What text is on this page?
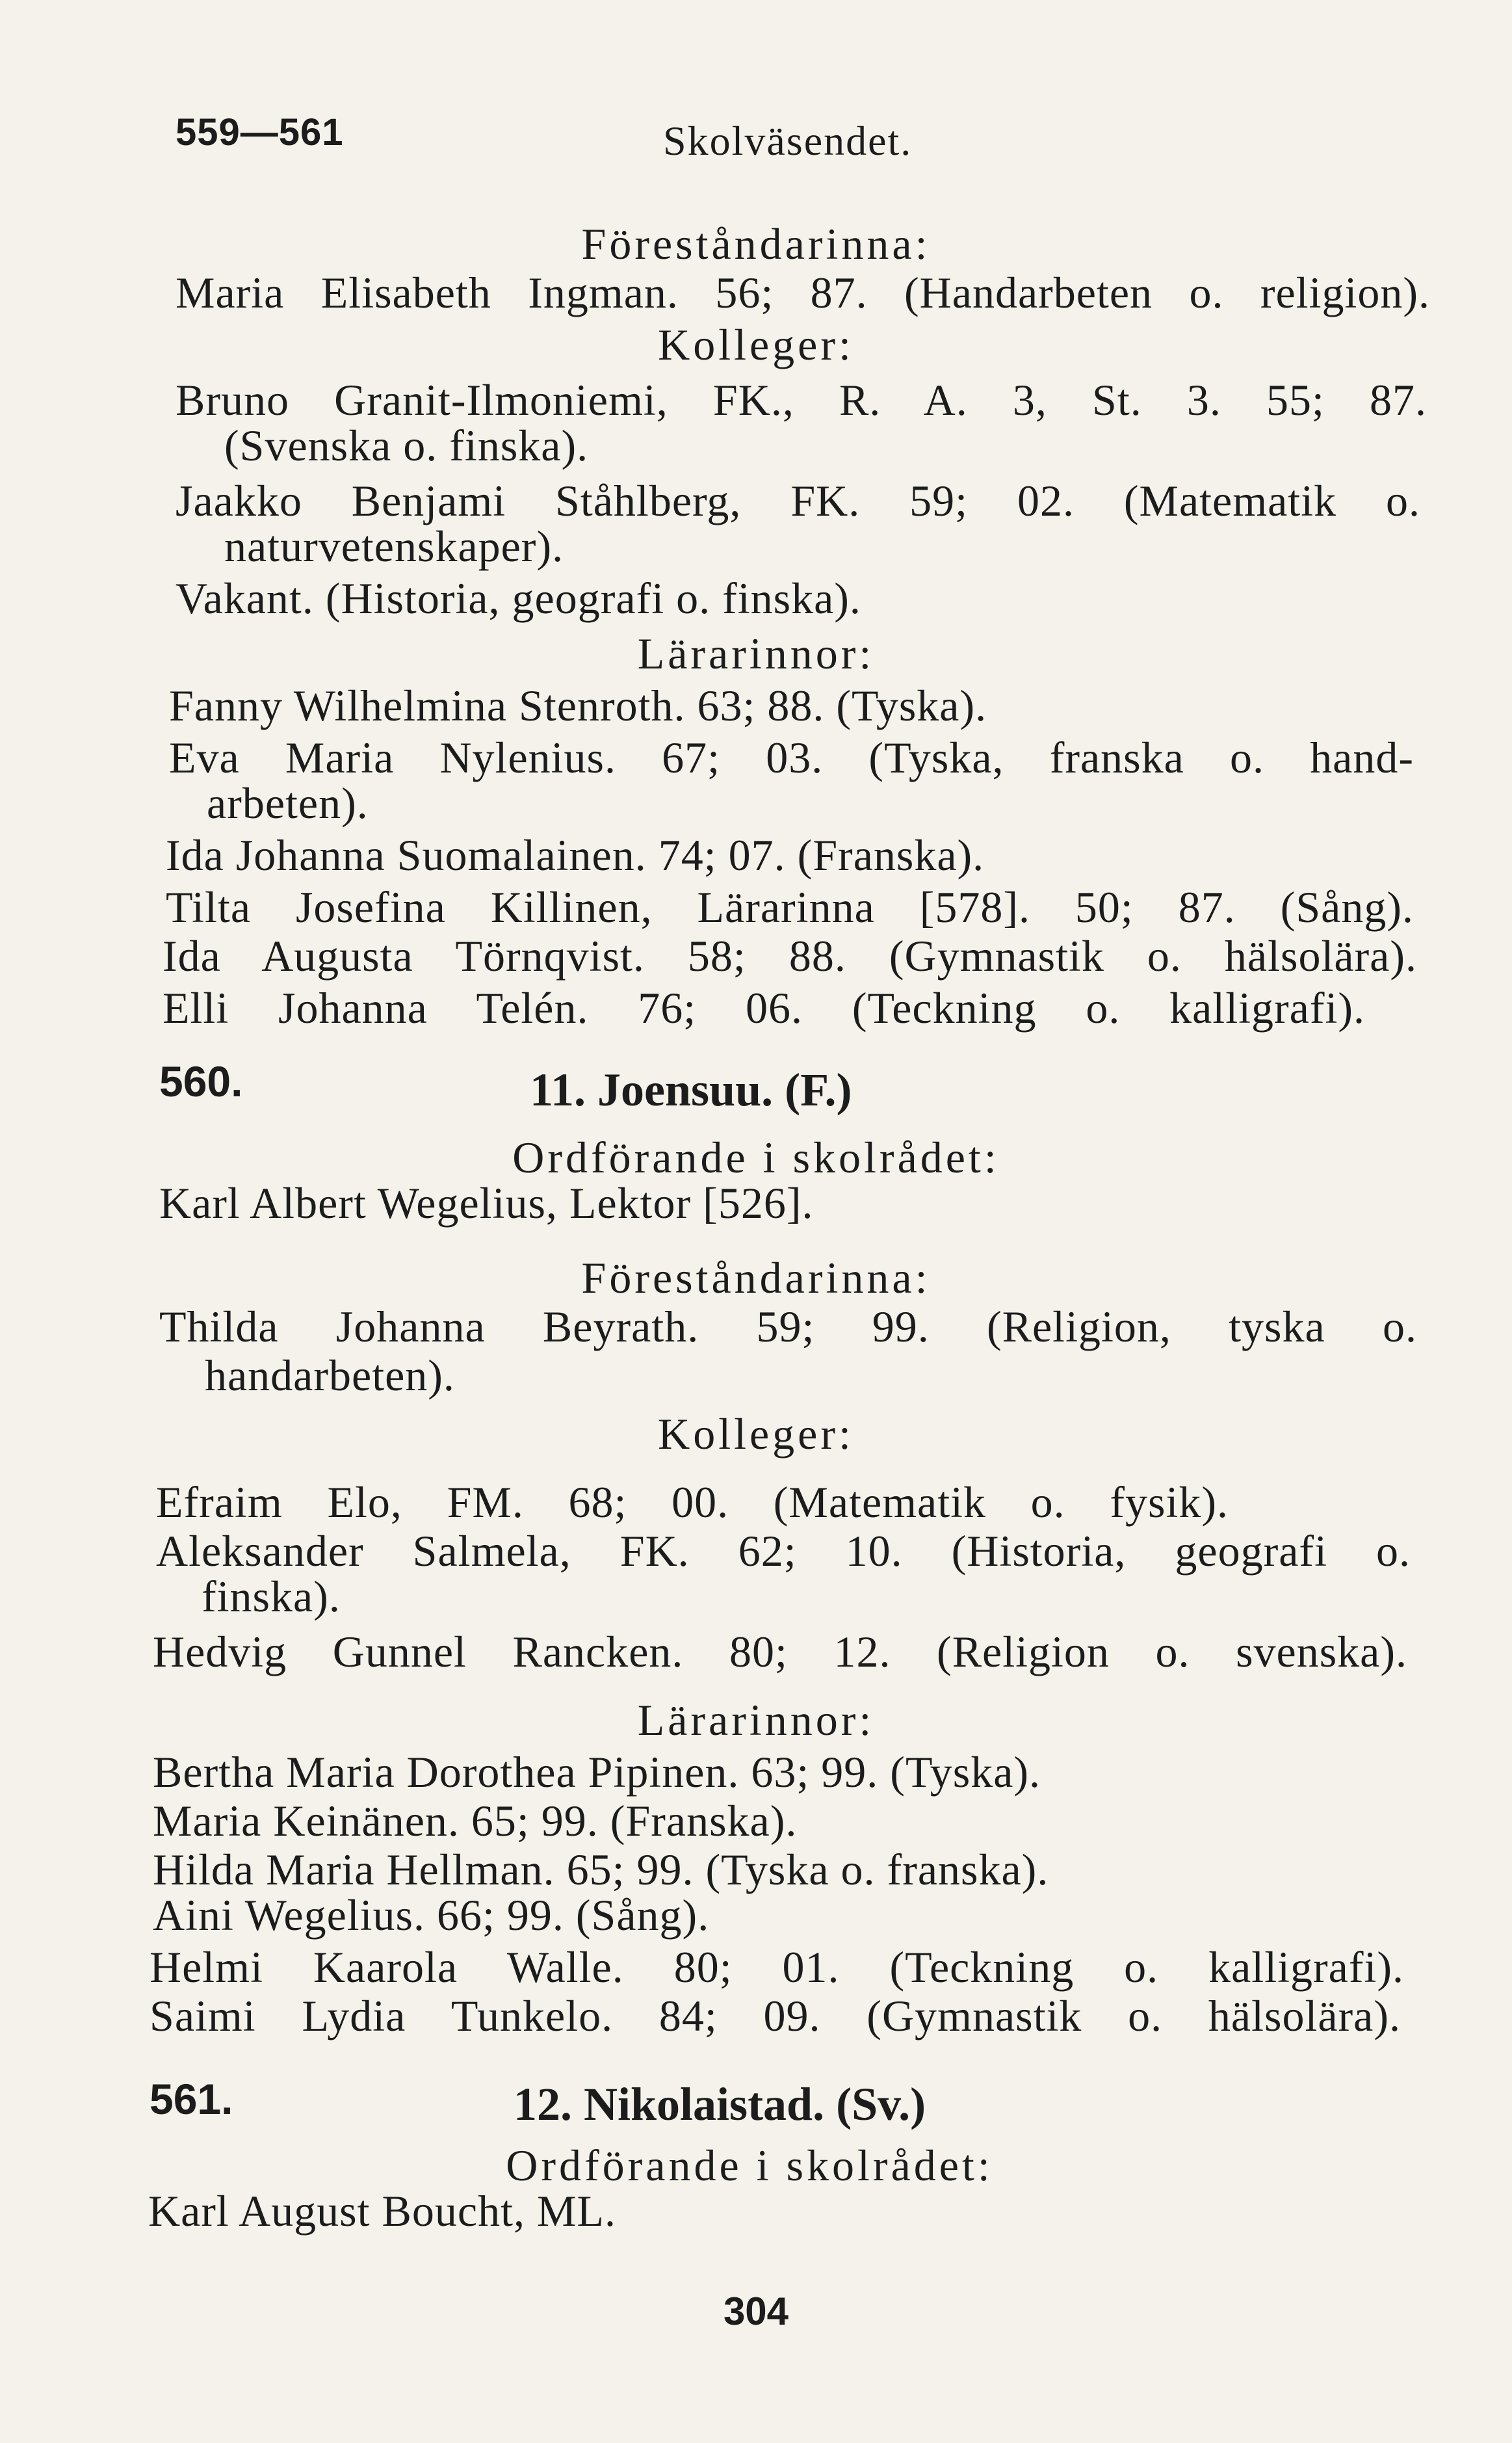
559—561	Skolväsendet.
Föreståndarinna:
Maria Elisabeth Ingman. 56; 87. (Handarbeten o. religion).
Kolleger:
Bruno Granit-Ilmoniemi, FK., R. A. 3, St. 3. 55; 87.
(Svenska o. finska).
Jaakko Benjami Ståhlberg, FK. 59; 02. (Matematik o.
naturvetenskaper).
Vakant. (Historia, geografi o. finska).
Lärarinnor:
Fanny Wilhelmina Stenroth. 63; 88. (Tyska).
Eva Maria Nylenius. 67; 03. (Tyska, franska o. hand-
arbeten).
Ida Johanna Suomalainen. 74; 07. (Franska).
Tilta Josefina Killinen, Lärarinna [578]. 50; 87. (Sång).
Ida Augusta Törnqvist. 58; 88. (Gymnastik o. hälsolära).
Elli Johanna Telén. 76; 06. (Teckning o. kalligrafi).
560.	11. Joensuu. (F.)
Ordförande i skolrådet:
Karl Albert Wegelius, Lektor [526].
Föreståndarinna:
Thilda Johanna Beyrath. 59; 99. (Religion, tyska o.
handarbeten).
Kolleger:
Efraim Elo, FM. 68; 00. (Matematik o. fysik).
Aleksander Salmela, FK. 62; 10. (Historia, geografi o.
finska).
Hedvig Gunnel Rancken. 80; 12. (Religion o. svenska).
Lärarinnor:
Bertha Maria Dorothea Pipinen. 63; 99. (Tyska).
Maria Keinänen. 65; 99. (Franska).
Hilda Maria Hellman. 65; 99. (Tyska o. franska).
Aini Wegelius. 66; 99. (Sång).
Helmi Kaarola Walle. 80; 01. (Teckning o. kalligrafi).
Saimi Lydia Tunkelo. 84; 09. (Gymnastik o. hälsolära).
561.	12. Nikolaistad. (Sv.)
Ordförande i skolrådet:
Karl August Boucht, ML.
304
